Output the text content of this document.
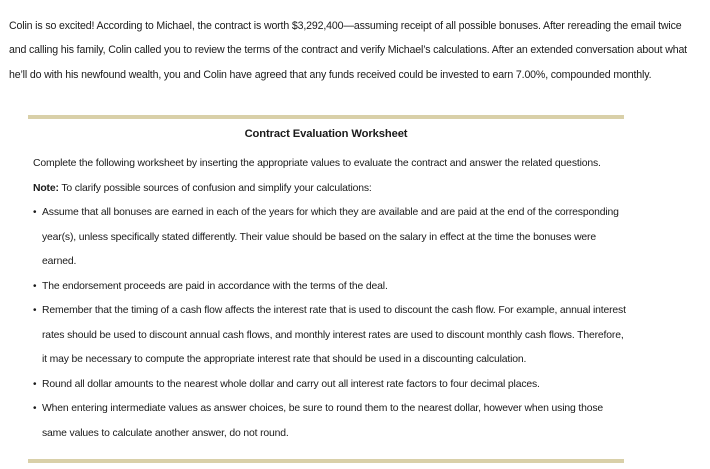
Colin is so excited! According to Michael, the contract is worth $3,292,400—assuming receipt of all possible bonuses. After rereading the email twice and calling his family, Colin called you to review the terms of the contract and verify Michael’s calculations. After an extended conversation about what he’ll do with his newfound wealth, you and Colin have agreed that any funds received could be invested to earn 7.00%, compounded monthly.

Contract Evaluation Worksheet

Complete the following worksheet by inserting the appropriate values to evaluate the contract and answer the related questions.

Note: To clarify possible sources of confusion and simplify your calculations:

• Assume that all bonuses are earned in each of the years for which they are available and are paid at the end of the corresponding year(s), unless specifically stated differently. Their value should be based on the salary in effect at the time the bonuses were earned.
• The endorsement proceeds are paid in accordance with the terms of the deal.
• Remember that the timing of a cash flow affects the interest rate that is used to discount the cash flow. For example, annual interest rates should be used to discount annual cash flows, and monthly interest rates are used to discount monthly cash flows. Therefore, it may be necessary to compute the appropriate interest rate that should be used in a discounting calculation.
• Round all dollar amounts to the nearest whole dollar and carry out all interest rate factors to four decimal places.
• When entering intermediate values as answer choices, be sure to round them to the nearest dollar, however when using those same values to calculate another answer, do not round.
